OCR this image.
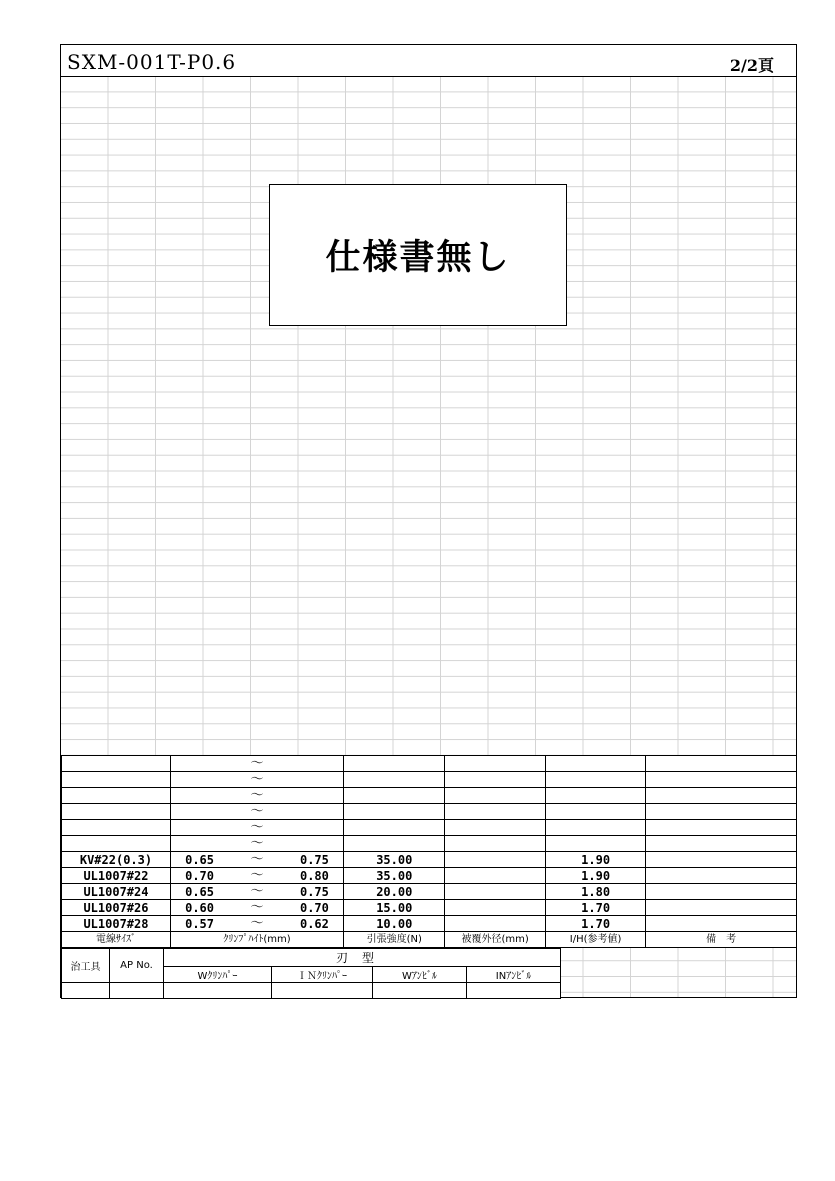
SXM-001T-P0.6	2/2頁
仕様書無し
		～					
		～					
		～					
		～					
		～					
		～					
KV#22(0.3)	0.65	～	0.75	35.00		1.90	
UL1007#22	0.70	～	0.80	35.00		1.90	
UL1007#24	0.65	～	0.75	20.00		1.80	
UL1007#26	0.60	～	0.70	15.00		1.70	
UL1007#28	0.57	～	0.62	10.00		1.70	
電線ｻｲｽﾞ	ｸﾘﾝﾌﾟﾊｲﾄ(mm)			引張強度(N)	被覆外径(mm)	I/H(参考値)	備　考
治工具	AP No.	刃型			
		Wｸﾘﾝﾊﾟｰ	ＩＮｸﾘﾝﾊﾟｰ	Wｱﾝﾋﾞﾙ	INｱﾝﾋﾞﾙ
